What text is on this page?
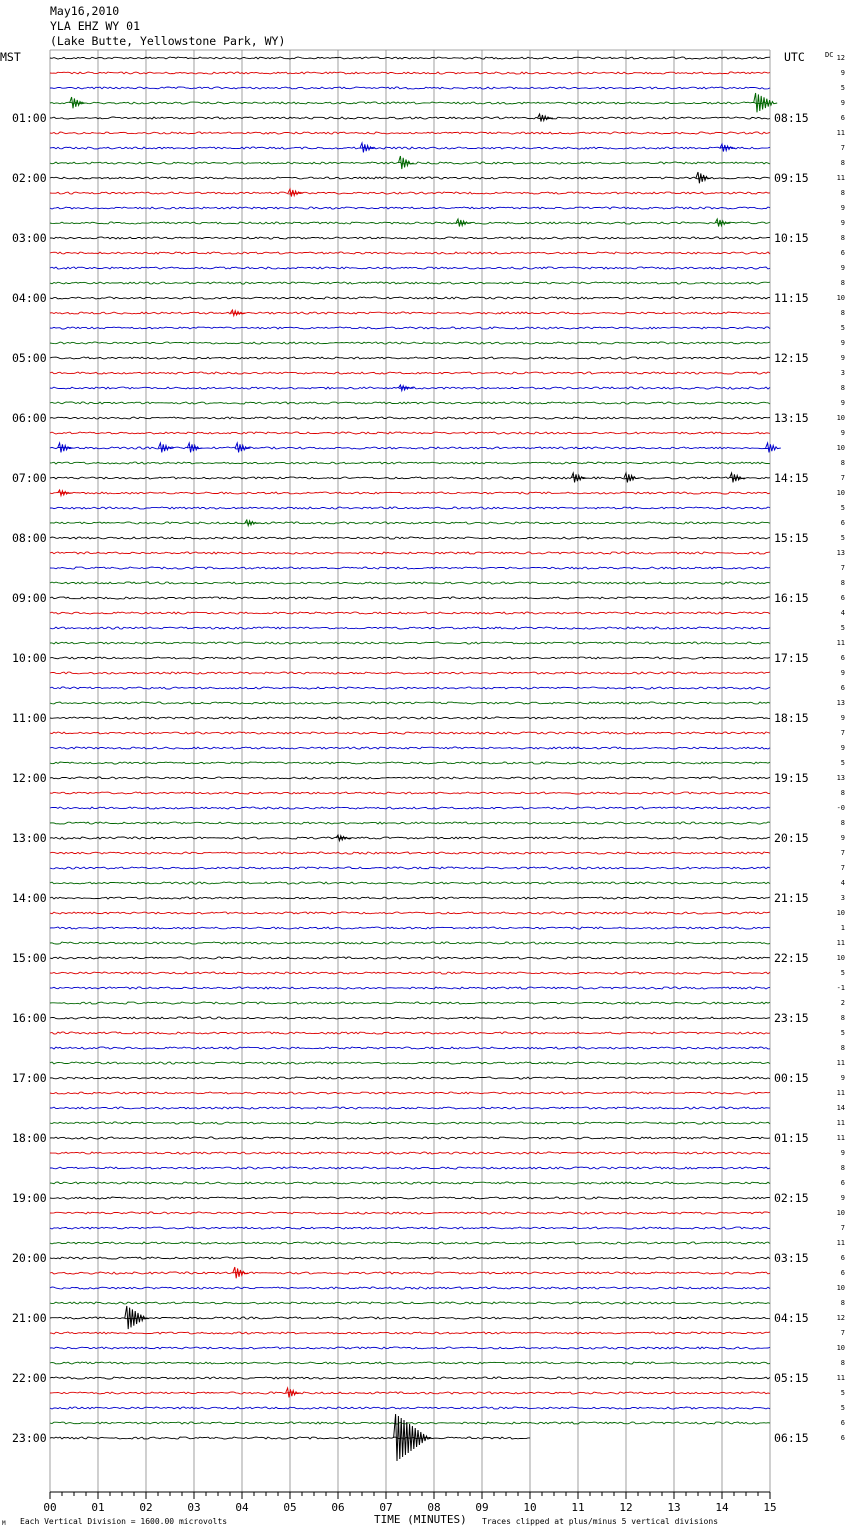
May16,2010
YLA EHZ WY 01
(Lake Butte, Yellowstone Park, WY)
MST	UTC	DC
01:00
02:00
03:00
04:00
05:00
06:00
07:00
08:00
09:00
10:00
11:00
12:00
13:00
14:00
15:00
16:00
17:00
18:00
19:00
20:00
21:00
22:00
23:00
08:15
09:15
10:15
11:15
12:15
13:15
14:15
15:15
16:15
17:15
18:15
19:15
20:15
21:15
22:15
23:15
00:15
01:15
02:15
03:15
04:15
05:15
06:15
12
9
5
9
6
11
7
8
11
8
9
9
8
6
9
8
10
8
5
9
9
3
8
9
10
9
10
8
7
10
5
6
5
13
7
8
6
4
5
11
6
9
6
13
9
7
9
5
13
8
-0
8
9
7
7
4
3
10
1
11
10
5
-1
2
8
5
8
11
9
11
14
11
11
9
8
6
9
10
7
11
6
6
10
8
12
7
10
8
11
5
5
6
6
00	01	02	03	04	05	06	07	08	09	10	11	12	13	14	15
M Each Vertical Division = 1600.00 microvolts	TIME (MINUTES) Traces clipped at plus/minus 5 vertical divisions
